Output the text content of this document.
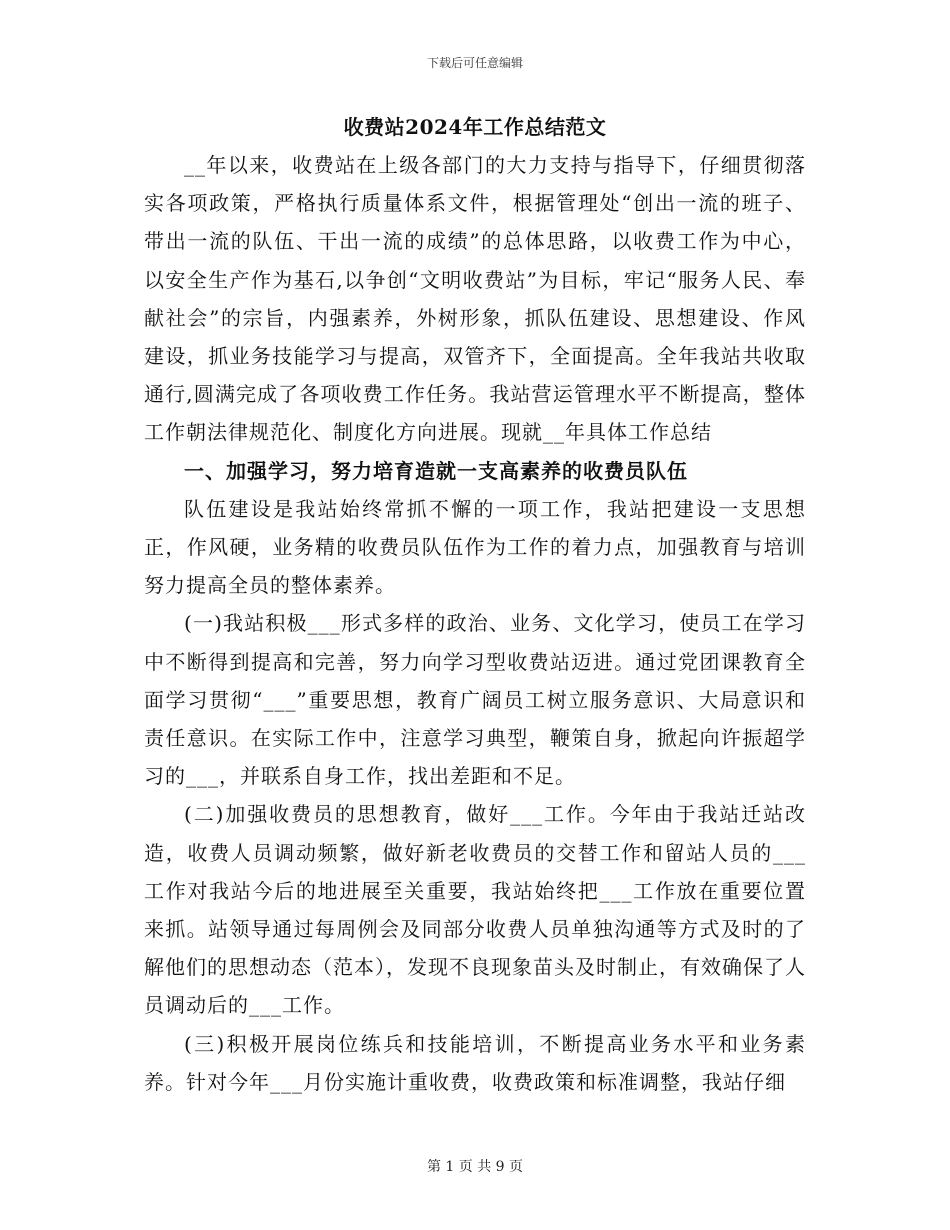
下载后可任意编辑
收费站2024年工作总结范文

__年以来，收费站在上级各部门的大力支持与指导下，仔细贯彻落实各项政策，严格执行质量体系文件，根据管理处“创出一流的班子、带出一流的队伍、干出一流的成绩”的总体思路，以收费工作为中心，以安全生产作为基石,以争创“文明收费站”为目标，牢记“服务人民、奉献社会”的宗旨，内强素养，外树形象，抓队伍建设、思想建设、作风建设，抓业务技能学习与提高，双管齐下，全面提高。全年我站共收取通行,圆满完成了各项收费工作任务。我站营运管理水平不断提高，整体工作朝法律规范化、制度化方向进展。现就__年具体工作总结

一、加强学习，努力培育造就一支高素养的收费员队伍

队伍建设是我站始终常抓不懈的一项工作，我站把建设一支思想正，作风硬，业务精的收费员队伍作为工作的着力点，加强教育与培训努力提高全员的整体素养。

(一)我站积极___形式多样的政治、业务、文化学习，使员工在学习中不断得到提高和完善，努力向学习型收费站迈进。通过党团课教育全面学习贯彻“___”重要思想，教育广阔员工树立服务意识、大局意识和责任意识。在实际工作中，注意学习典型，鞭策自身，掀起向许振超学习的___，并联系自身工作，找出差距和不足。

(二)加强收费员的思想教育，做好___工作。今年由于我站迁站改造，收费人员调动频繁，做好新老收费员的交替工作和留站人员的___工作对我站今后的地进展至关重要，我站始终把___工作放在重要位置来抓。站领导通过每周例会及同部分收费人员单独沟通等方式及时的了解他们的思想动态（范本），发现不良现象苗头及时制止，有效确保了人员调动后的___工作。

(三)积极开展岗位练兵和技能培训，不断提高业务水平和业务素养。针对今年___月份实施计重收费，收费政策和标准调整，我站仔细

第 1 页 共 9 页
